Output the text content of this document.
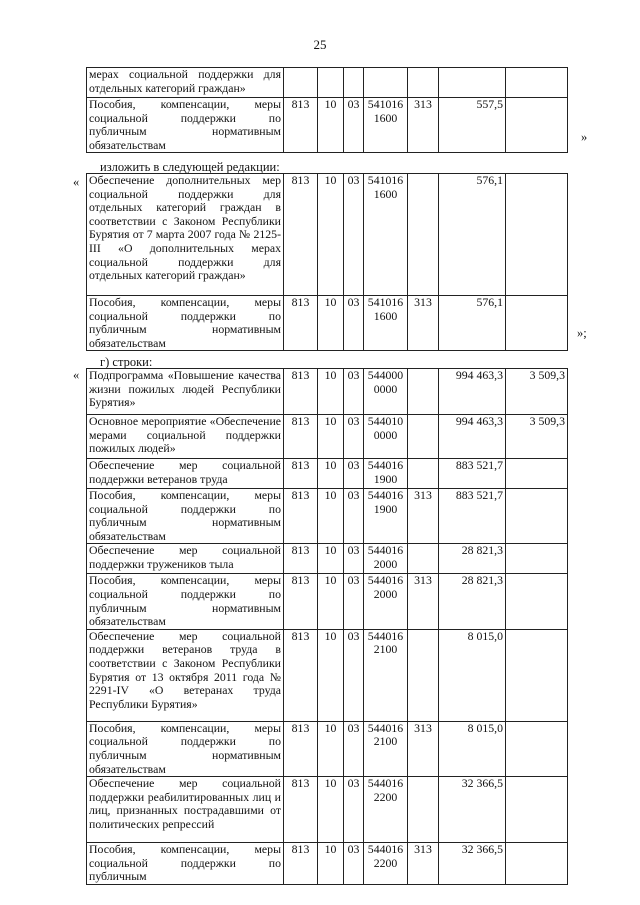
25
мерах социальной поддержки для отдельных категорий граждан»							
Пособия, компенсации, меры социальной поддержки по публичным нормативным обязательствам	813	10	03	541016 1600	313	557,5	
»
изложить в следующей редакции:
« Обеспечение дополнительных мер социальной поддержки для отдельных категорий граждан в соответствии с Законом Республики Бурятия от 7 марта 2007 года № 2125-III «О дополнительных мерах социальной поддержки для отдельных категорий граждан»	813	10	03	541016 1600		576,1	
Пособия, компенсации, меры социальной поддержки по публичным нормативным обязательствам	813	10	03	541016 1600	313	576,1	
»;
г) строки:
« Подпрограмма «Повышение качества жизни пожилых людей Республики Бурятия»	813	10	03	544000 0000		994 463,3	3 509,3
Основное мероприятие «Обеспечение мерами социальной поддержки пожилых людей»	813	10	03	544010 0000		994 463,3	3 509,3
Обеспечение мер социальной поддержки ветеранов труда	813	10	03	544016 1900		883 521,7	
Пособия, компенсации, меры социальной поддержки по публичным нормативным обязательствам	813	10	03	544016 1900	313	883 521,7	
Обеспечение мер социальной поддержки тружеников тыла	813	10	03	544016 2000		28 821,3	
Пособия, компенсации, меры социальной поддержки по публичным нормативным обязательствам	813	10	03	544016 2000	313	28 821,3	
Обеспечение мер социальной поддержки ветеранов труда в соответствии с Законом Республики Бурятия от 13 октября 2011 года № 2291-IV «О ветеранах труда Республики Бурятия»	813	10	03	544016 2100		8 015,0	
Пособия, компенсации, меры социальной поддержки по публичным нормативным обязательствам	813	10	03	544016 2100	313	8 015,0	
Обеспечение мер социальной поддержки реабилитированных лиц и лиц, признанных пострадавшими от политических репрессий	813	10	03	544016 2200		32 366,5	
Пособия, компенсации, меры социальной поддержки по публичным	813	10	03	544016 2200	313	32 366,5	
